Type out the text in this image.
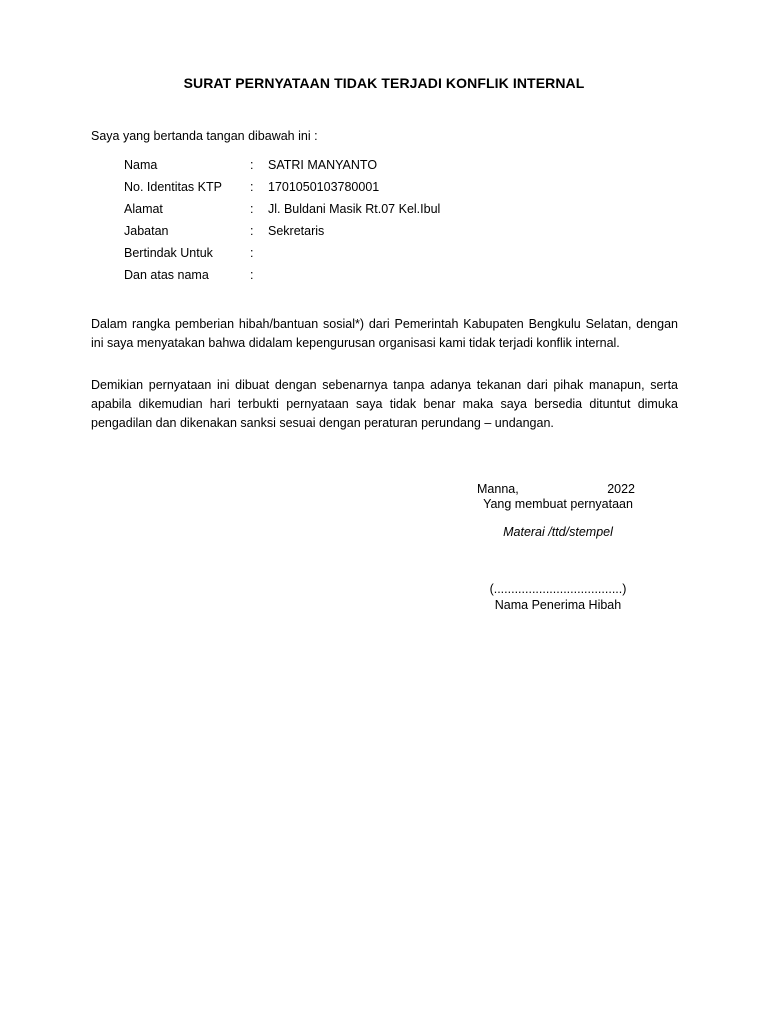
SURAT PERNYATAAN TIDAK TERJADI KONFLIK INTERNAL
Saya yang bertanda tangan dibawah ini :
Nama	: SATRI MANYANTO
No. Identitas KTP : 1701050103780001
Alamat	: Jl. Buldani Masik Rt.07 Kel.Ibul
Jabatan	: Sekretaris
Bertindak Untuk	:
Dan atas nama	:
Dalam rangka pemberian hibah/bantuan sosial*) dari Pemerintah Kabupaten Bengkulu Selatan, dengan ini saya menyatakan bahwa didalam kepengurusan organisasi kami tidak terjadi konflik internal.
Demikian pernyataan ini dibuat dengan sebenarnya tanpa adanya tekanan dari pihak manapun, serta apabila dikemudian hari terbukti pernyataan saya tidak benar maka saya bersedia dituntut dimuka pengadilan dan dikenakan sanksi sesuai dengan peraturan perundang – undangan.
Manna,	2022
Yang membuat pernyataan
Materai /ttd/stempel
(.....................................)
Nama Penerima Hibah
